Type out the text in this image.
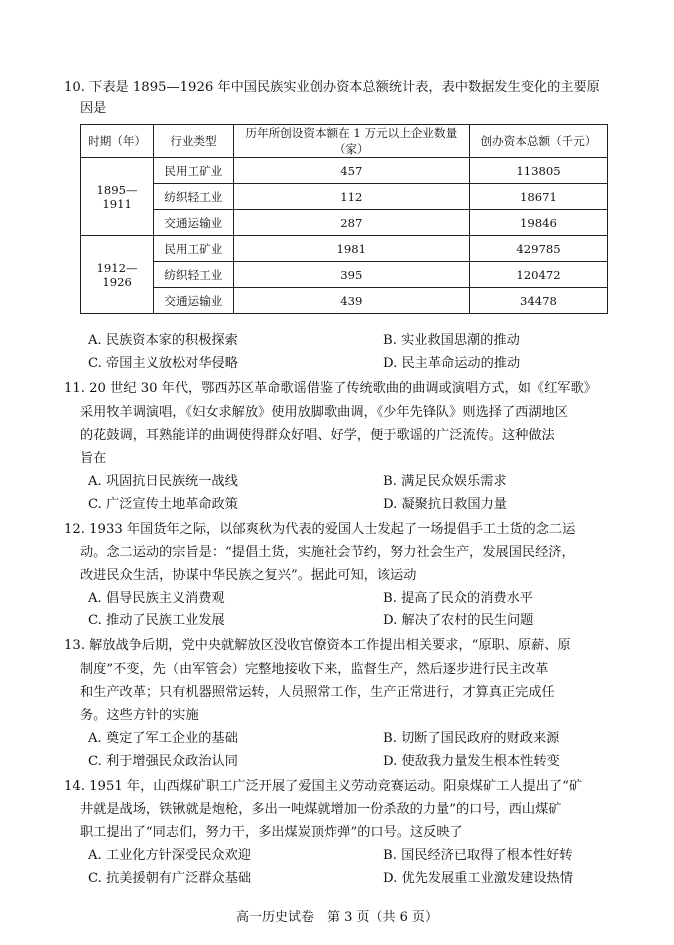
10. 下表是 1895—1926 年中国民族实业创办资本总额统计表，表中数据发生变化的主要原
因是
时期（年）	行业类型	历年所创设资本额在 1 万元以上企业数量（家）	创办资本总额（千元）
1895—1911	民用工矿业	457	113805
	纺织轻工业	112	18671
	交通运输业	287	19846
1912—1926	民用工矿业	1981	429785
	纺织轻工业	395	120472
	交通运输业	439	34478
A. 民族资本家的积极探索	B. 实业救国思潮的推动
C. 帝国主义放松对华侵略	D. 民主革命运动的推动
11. 20 世纪 30 年代，鄂西苏区革命歌谣借鉴了传统歌曲的曲调或演唱方式，如《红军歌》
采用牧羊调演唱，《妇女求解放》使用放脚歌曲调，《少年先锋队》则选择了西湖地区
的花鼓调，耳熟能详的曲调使得群众好唱、好学，便于歌谣的广泛流传。这种做法
旨在
A. 巩固抗日民族统一战线	B. 满足民众娱乐需求
C. 广泛宣传土地革命政策	D. 凝聚抗日救国力量
12. 1933 年国货年之际，以邰爽秋为代表的爱国人士发起了一场提倡手工土货的念二运
动。念二运动的宗旨是：“提倡土货，实施社会节约，努力社会生产，发展国民经济，
改进民众生活，协谋中华民族之复兴”。据此可知，该运动
A. 倡导民族主义消费观	B. 提高了民众的消费水平
C. 推动了民族工业发展	D. 解决了农村的民生问题
13. 解放战争后期，党中央就解放区没收官僚资本工作提出相关要求，“原职、原薪、原
制度”不变，先（由军管会）完整地接收下来，监督生产，然后逐步进行民主改革
和生产改革；只有机器照常运转，人员照常工作，生产正常进行，才算真正完成任
务。这些方针的实施
A. 奠定了军工企业的基础	B. 切断了国民政府的财政来源
C. 利于增强民众政治认同	D. 使敌我力量发生根本性转变
14. 1951 年，山西煤矿职工广泛开展了爱国主义劳动竞赛运动。阳泉煤矿工人提出了“矿
井就是战场，铁锹就是炮枪，多出一吨煤就增加一份杀敌的力量”的口号，西山煤矿
职工提出了“同志们，努力干，多出煤炭顶炸弹”的口号。这反映了
A. 工业化方针深受民众欢迎	B. 国民经济已取得了根本性好转
C. 抗美援朝有广泛群众基础	D. 优先发展重工业激发建设热情
高一历史试卷　第 3 页（共 6 页）
